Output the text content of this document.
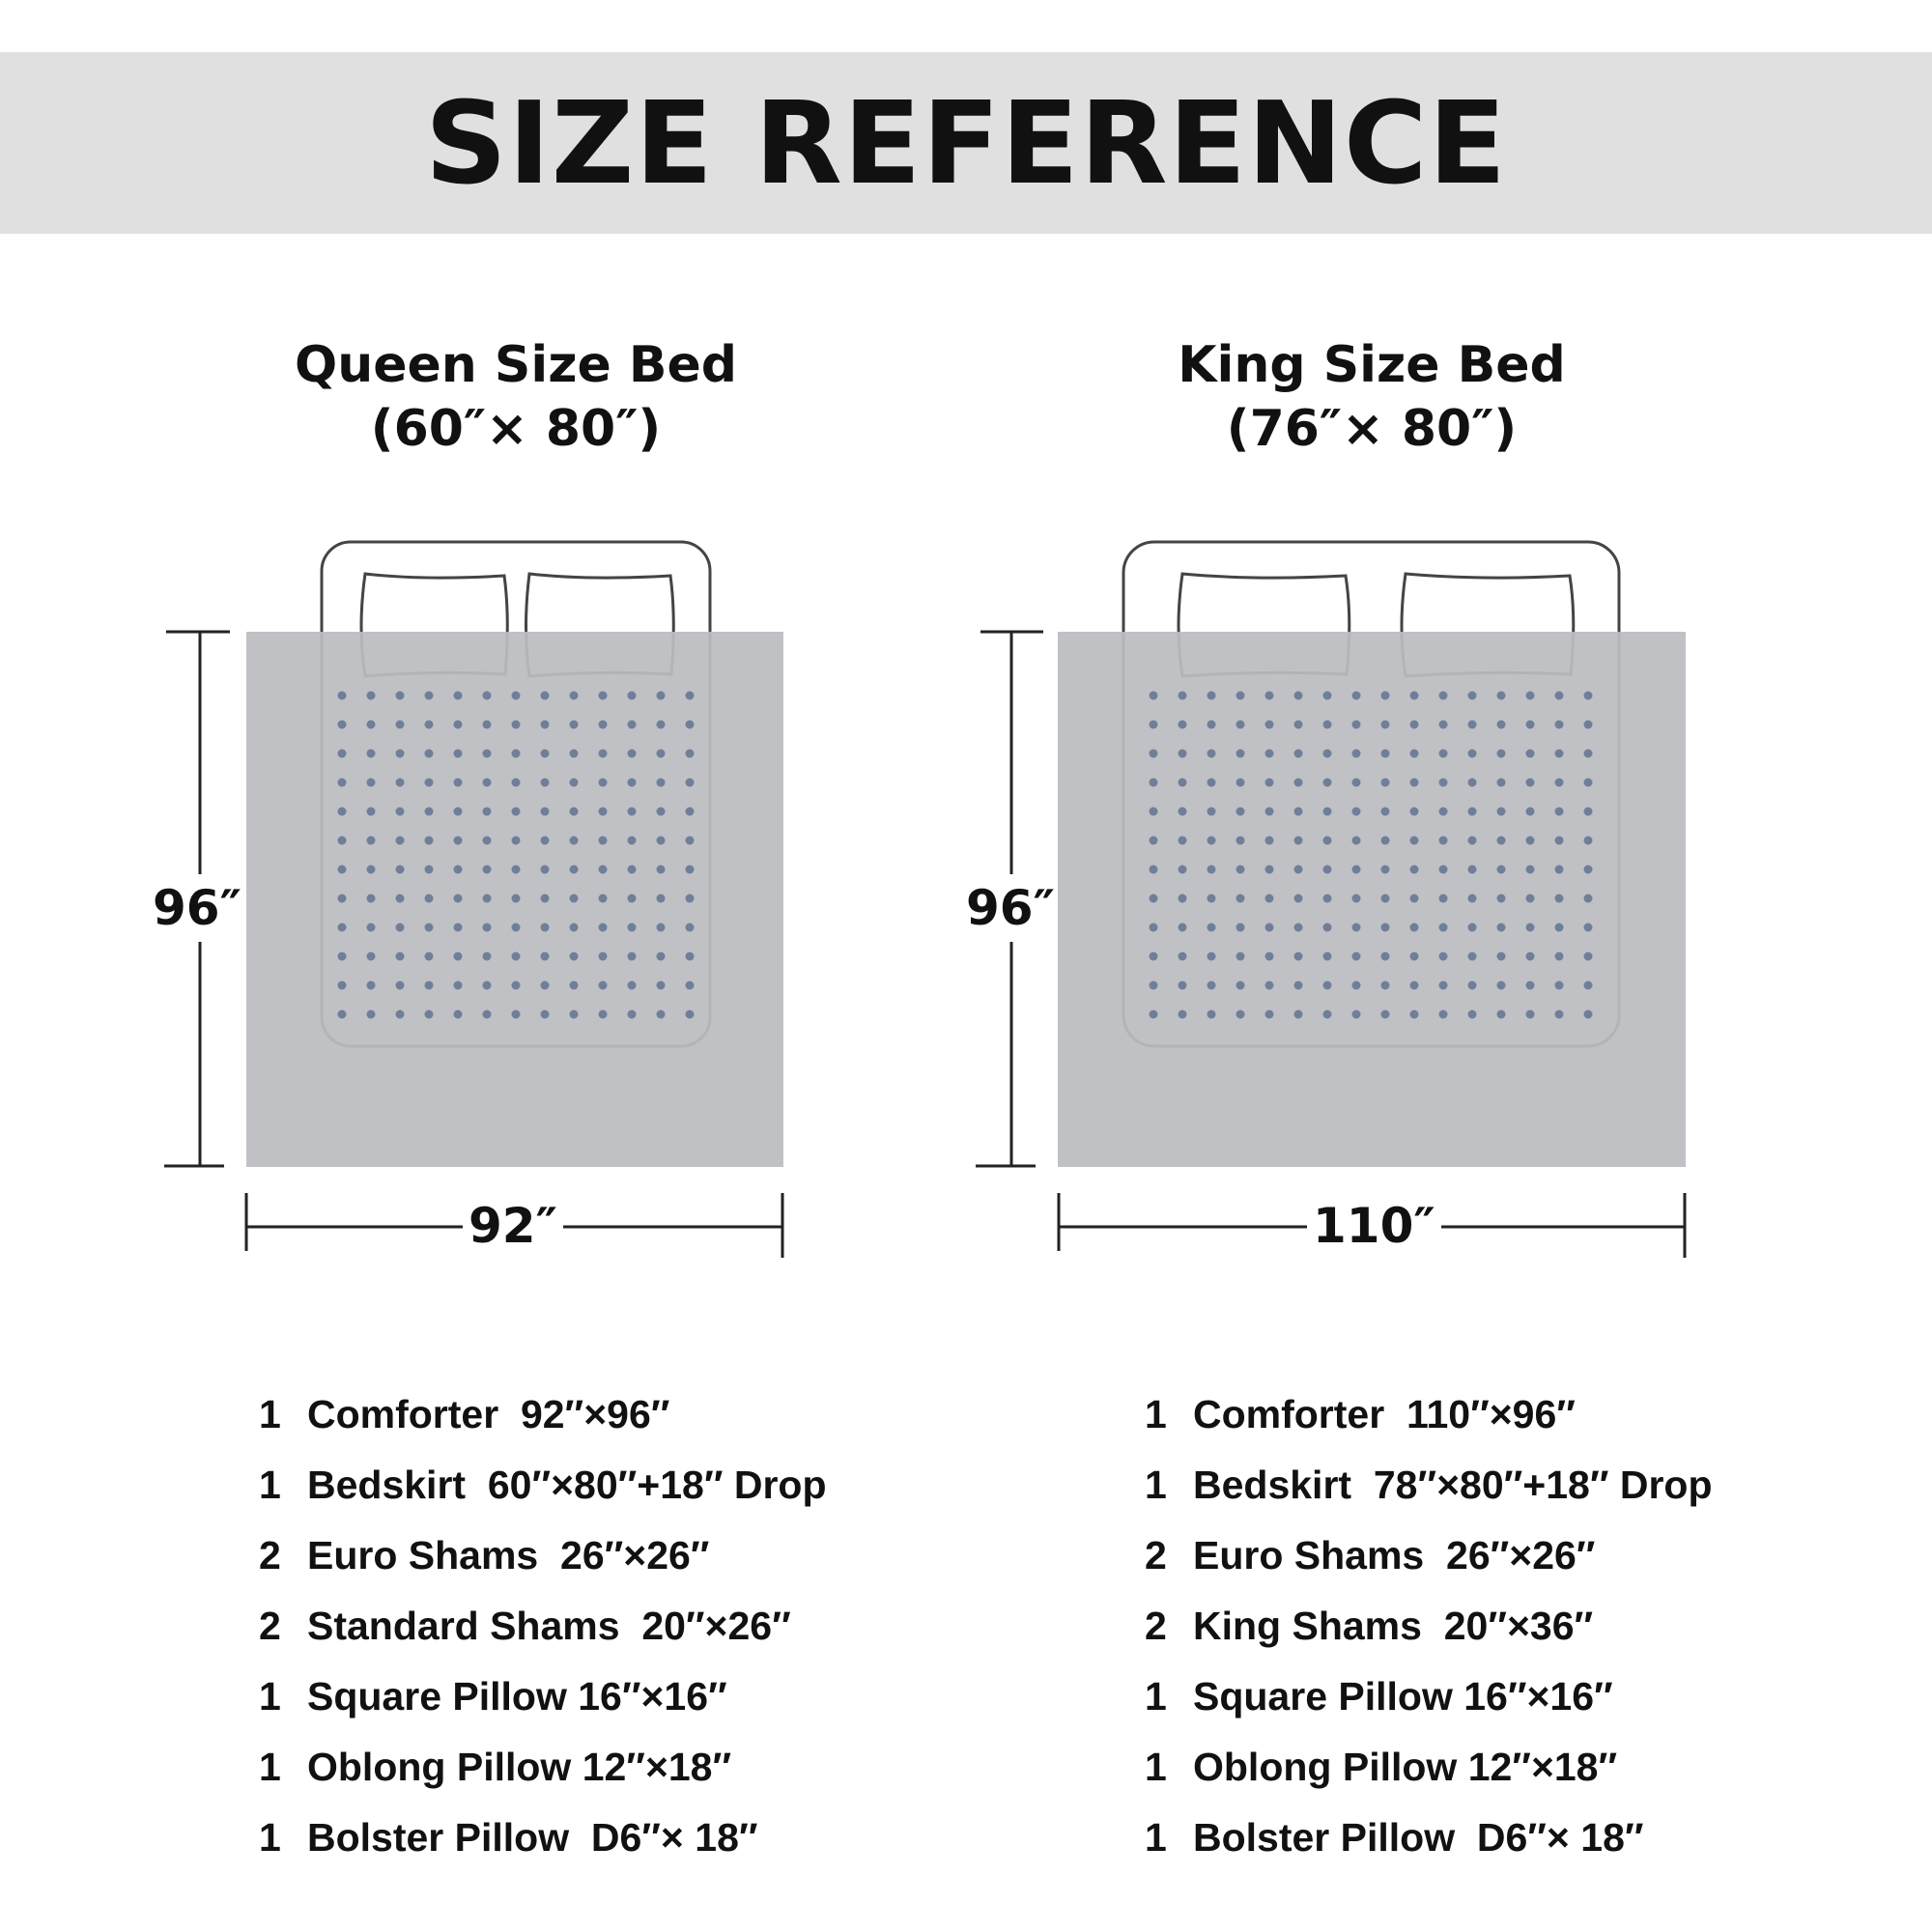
SIZE REFERENCE
Queen Size Bed
(60″× 80″)
King Size Bed
(76″× 80″)
96″
92″
96″
110″
1 Comforter  92″×96″
1 Bedskirt  60″×80″+18″ Drop
2 Euro Shams  26″×26″
2 Standard Shams  20″×26″
1 Square Pillow 16″×16″
1 Oblong Pillow 12″×18″
1 Bolster Pillow  D6″× 18″
1 Comforter  110″×96″
1 Bedskirt  78″×80″+18″ Drop
2 Euro Shams  26″×26″
2 King Shams  20″×36″
1 Square Pillow 16″×16″
1 Oblong Pillow 12″×18″
1 Bolster Pillow  D6″× 18″
